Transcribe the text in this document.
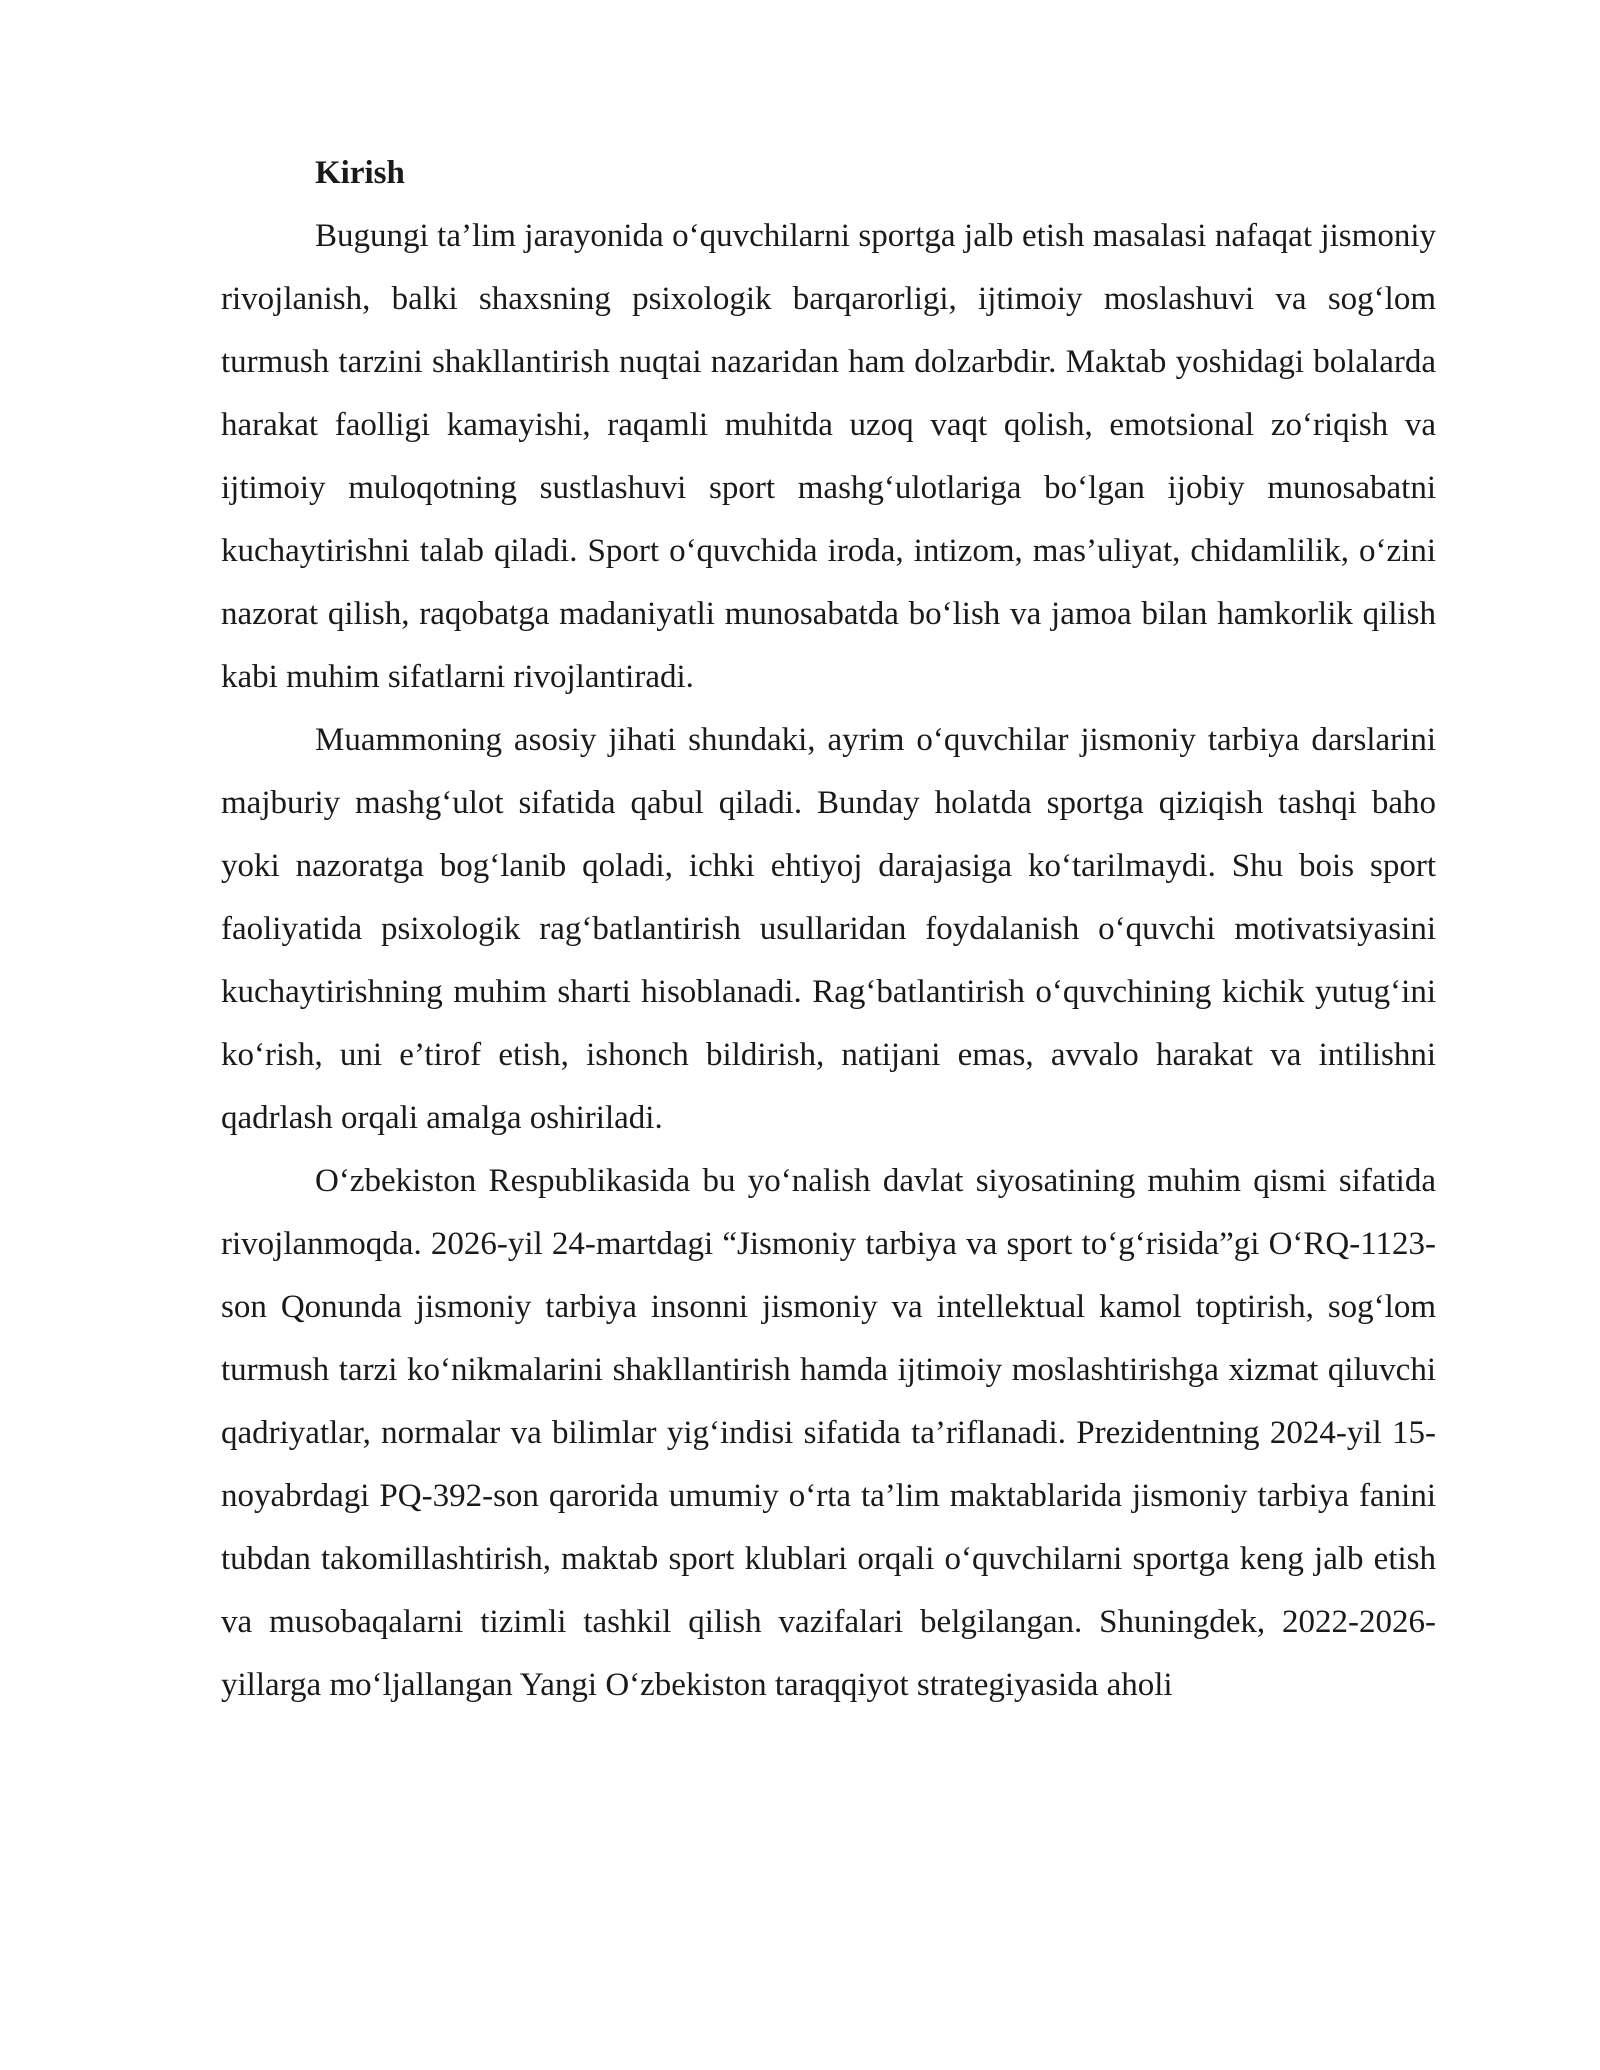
Kirish

Bugungi ta’lim jarayonida o‘quvchilarni sportga jalb etish masalasi nafaqat jismoniy rivojlanish, balki shaxsning psixologik barqarorligi, ijtimoiy moslashuvi va sog‘lom turmush tarzini shakllantirish nuqtai nazaridan ham dolzarbdir. Maktab yoshidagi bolalarda harakat faolligi kamayishi, raqamli muhitda uzoq vaqt qolish, emotsional zo‘riqish va ijtimoiy muloqotning sustlashuvi sport mashg‘ulotlariga bo‘lgan ijobiy munosabatni kuchaytirishni talab qiladi. Sport o‘quvchida iroda, intizom, mas’uliyat, chidamlilik, o‘zini nazorat qilish, raqobatga madaniyatli munosabatda bo‘lish va jamoa bilan hamkorlik qilish kabi muhim sifatlarni rivojlantiradi.

Muammoning asosiy jihati shundaki, ayrim o‘quvchilar jismoniy tarbiya darslarini majburiy mashg‘ulot sifatida qabul qiladi. Bunday holatda sportga qiziqish tashqi baho yoki nazoratga bog‘lanib qoladi, ichki ehtiyoj darajasiga ko‘tarilmaydi. Shu bois sport faoliyatida psixologik rag‘batlantirish usullaridan foydalanish o‘quvchi motivatsiyasini kuchaytirishning muhim sharti hisoblanadi. Rag‘batlantirish o‘quvchining kichik yutug‘ini ko‘rish, uni e’tirof etish, ishonch bildirish, natijani emas, avvalo harakat va intilishni qadrlash orqali amalga oshiriladi.

O‘zbekiston Respublikasida bu yo‘nalish davlat siyosatining muhim qismi sifatida rivojlanmoqda. 2026-yil 24-martdagi “Jismoniy tarbiya va sport to‘g‘risida”gi O‘RQ-1123-son Qonunda jismoniy tarbiya insonni jismoniy va intellektual kamol toptirish, sog‘lom turmush tarzi ko‘nikmalarini shakllantirish hamda ijtimoiy moslashtirishga xizmat qiluvchi qadriyatlar, normalar va bilimlar yig‘indisi sifatida ta’riflanadi. Prezidentning 2024-yil 15-noyabrdagi PQ-392-son qarorida umumiy o‘rta ta’lim maktablarida jismoniy tarbiya fanini tubdan takomillashtirish, maktab sport klublari orqali o‘quvchilarni sportga keng jalb etish va musobaqalarni tizimli tashkil qilish vazifalari belgilangan. Shuningdek, 2022-2026-yillarga mo‘ljallangan Yangi O‘zbekiston taraqqiyot strategiyasida aholi
